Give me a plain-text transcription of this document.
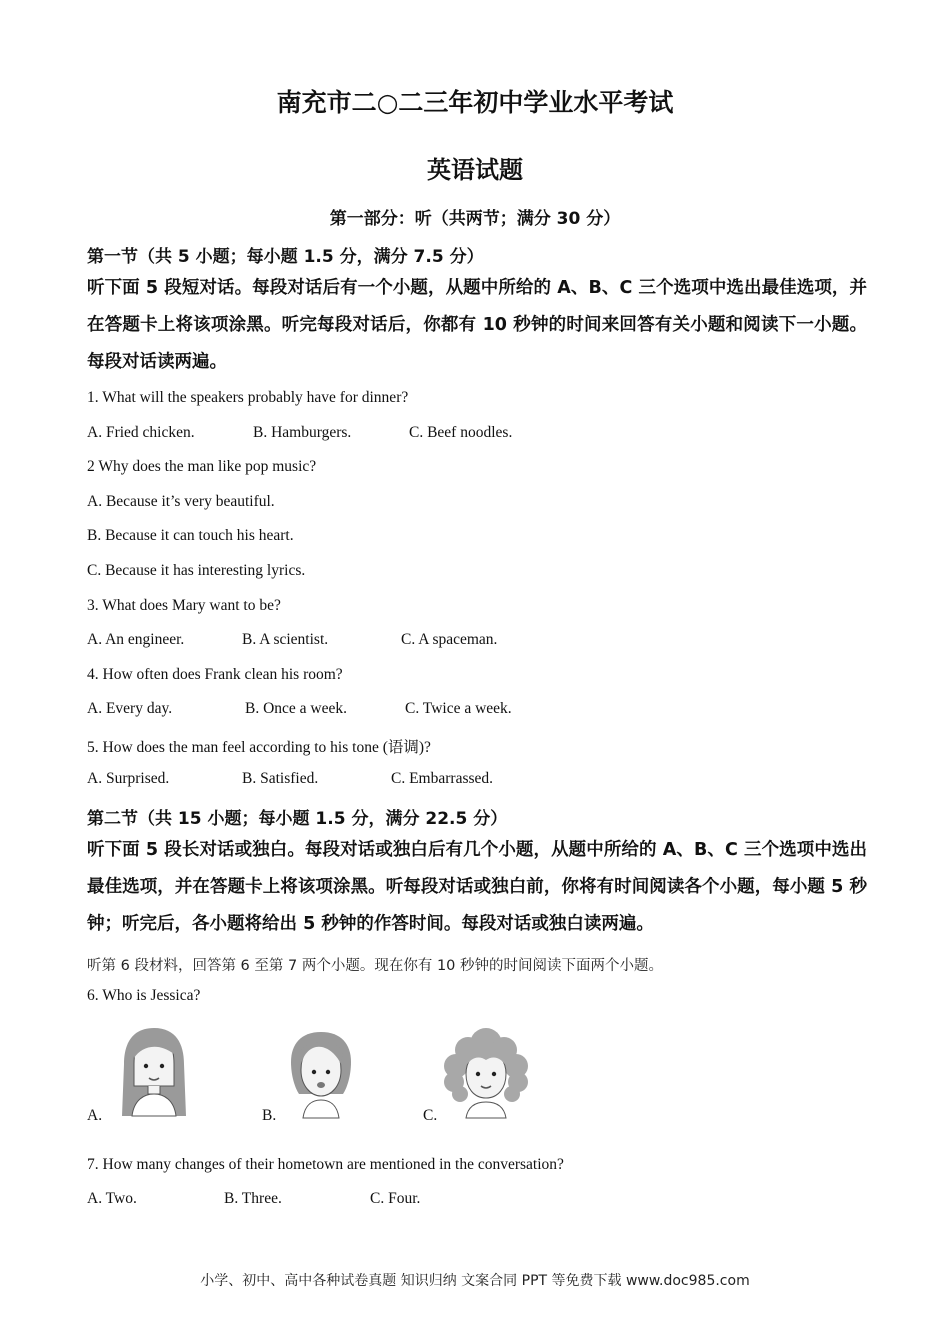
南充市二○二三年初中学业水平考试
英语试题
第一部分：听（共两节；满分 30 分）
第一节（共 5 小题；每小题 1.5 分，满分 7.5 分）
听下面 5 段短对话。每段对话后有一个小题，从题中所给的 A、B、C 三个选项中选出最佳选项，并在答题卡上将该项涂黑。听完每段对话后，你都有 10 秒钟的时间来回答有关小题和阅读下一小题。每段对话读两遍。
1. What will the speakers probably have for dinner?
A. Fried chicken.	B. Hamburgers.	C. Beef noodles.
2 Why does the man like pop music?
A. Because it’s very beautiful.
B. Because it can touch his heart.
C. Because it has interesting lyrics.
3. What does Mary want to be?
A. An engineer.	B. A scientist.	C. A spaceman.
4. How often does Frank clean his room?
A. Every day.	B. Once a week.	C. Twice a week.
5. How does the man feel according to his tone (语调)?
A. Surprised.	B. Satisfied.	C. Embarrassed.
第二节（共 15 小题；每小题 1.5 分，满分 22.5 分）
听下面 5 段长对话或独白。每段对话或独白后有几个小题，从题中所给的 A、B、C 三个选项中选出最佳选项，并在答题卡上将该项涂黑。听每段对话或独白前，你将有时间阅读各个小题，每小题 5 秒钟；听完后，各小题将给出 5 秒钟的作答时间。每段对话或独白读两遍。
听第 6 段材料，回答第 6 至第 7 两个小题。现在你有 10 秒钟的时间阅读下面两个小题。
6. Who is Jessica?
A.	B.	C.
7. How many changes of their hometown are mentioned in the conversation?
A. Two.	B. Three.	C. Four.
小学、初中、高中各种试卷真题 知识归纳 文案合同 PPT 等免费下载 www.doc985.com
